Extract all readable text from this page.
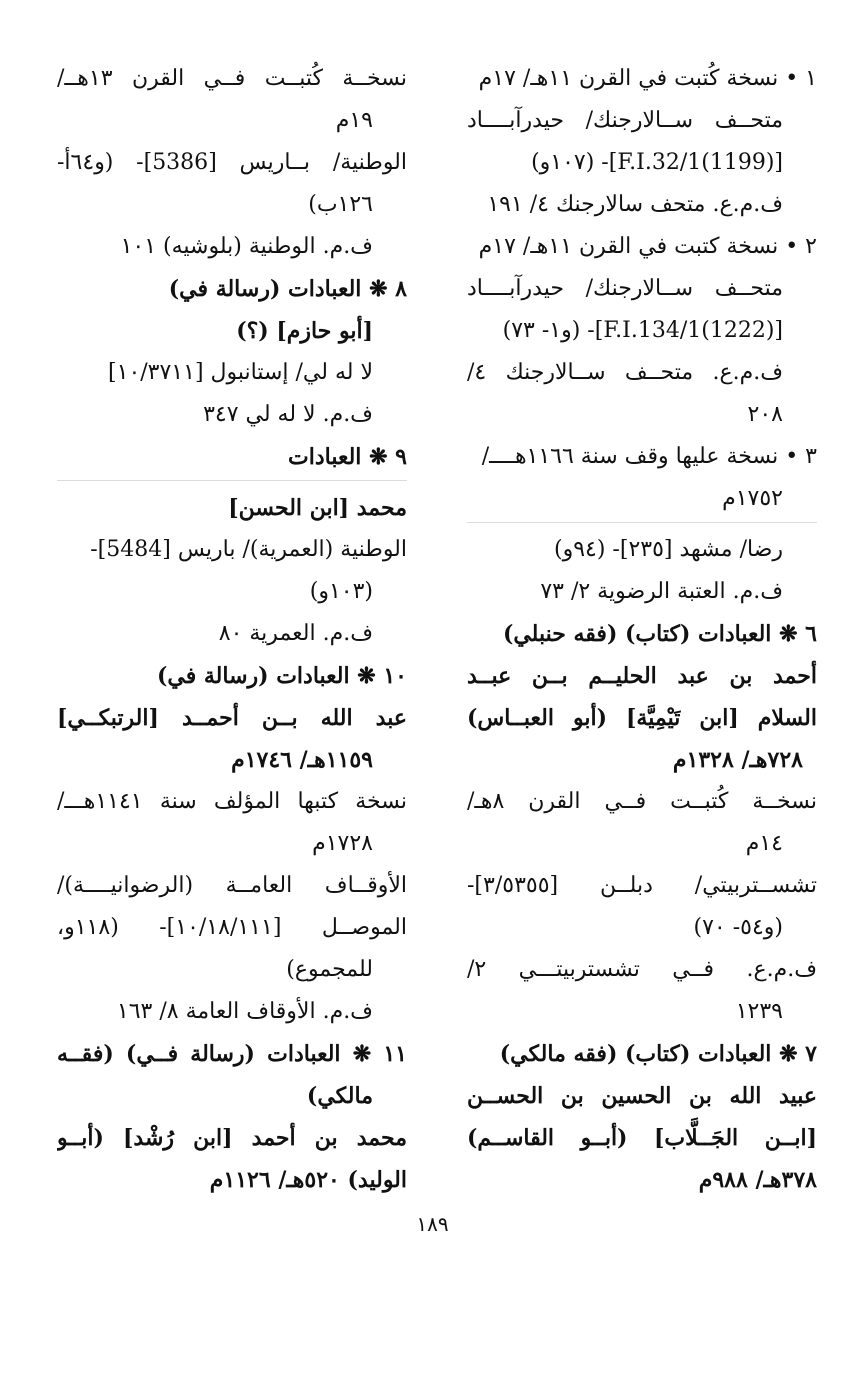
١ • نسخة كُتبت في القرن ١١هـ/ ١٧م
متحــف ســالارجنك/ حيدرآبــــاد
[F.I.32/1(1199)]- (١٠٧و)
ف.م.ع. متحف سالارجنك ٤/ ١٩١
٢ • نسخة كتبت في القرن ١١هـ/ ١٧م
متحــف ســالارجنك/ حيدرآبــــاد
[F.I.134/1(1222)]- (و١- ٧٣)
ف.م.ع. متحــف ســالارجنك ٤/
٢٠٨
٣ • نسخة عليها وقف سنة ١١٦٦هــــ/
١٧٥٢م
رضا/ مشهد [٢٣٥]- (٩٤و)
ف.م. العتبة الرضوية ٢/ ٧٣
٦ ❋ العبادات (كتاب) (فقه حنبلي)
أحمد بن عبد الحليــم بــن عبــد
السلام [ابن تَيْمِيَّة] (أبو العبــاس)
٧٢٨هـ/ ١٣٢٨م
نسخــة كُتبــت فــي القرن ٨هـ/
١٤م
تشســتربيتي/ دبلــن [٣/٥٣٥٥]-
(و٥٤- ٧٠)
ف.م.ع. فــي تشستربيتـــي ٢/
١٢٣٩
٧ ❋ العبادات (كتاب) (فقه مالكي)
عبيد الله بن الحسين بن الحســن
[ابــن الجَــلَّاب] (أبــو القاســم)
٣٧٨هـ/ ٩٨٨م
نسخــة كُتبــت فــي القرن ١٣هــ/
١٩م
الوطنية/ بــاريس [5386]- (و٦٤أ-
١٢٦ب)
ف.م. الوطنية (بلوشيه) ١٠١
٨ ❋ العبادات (رسالة في)
[أبو حازم] (؟)
لا له لي/ إستانبول [١٠/٣٧١١]
ف.م. لا له لي ٣٤٧
٩ ❋ العبادات
محمد [ابن الحسن]
الوطنية (العمرية)/ باريس [5484]-
(١٠٣و)
ف.م. العمرية ٨٠
١٠ ❋ العبادات (رسالة في)
عبد الله بــن أحمــد [الرتبكــي]
١١٥٩هـ/ ١٧٤٦م
نسخة كتبها المؤلف سنة ١١٤١هـــ/
١٧٢٨م
الأوقــاف العامــة (الرضوانيــــة)/
الموصــل [١٠/١٨/١١١]- (١١٨و،
للمجموع)
ف.م. الأوقاف العامة ٨/ ١٦٣
١١ ❋ العبادات (رسالة فــي) (فقــه
مالكي)
محمد بن أحمد [ابن رُشْد] (أبــو
الوليد) ٥٢٠هـ/ ١١٢٦م
١٨٩
